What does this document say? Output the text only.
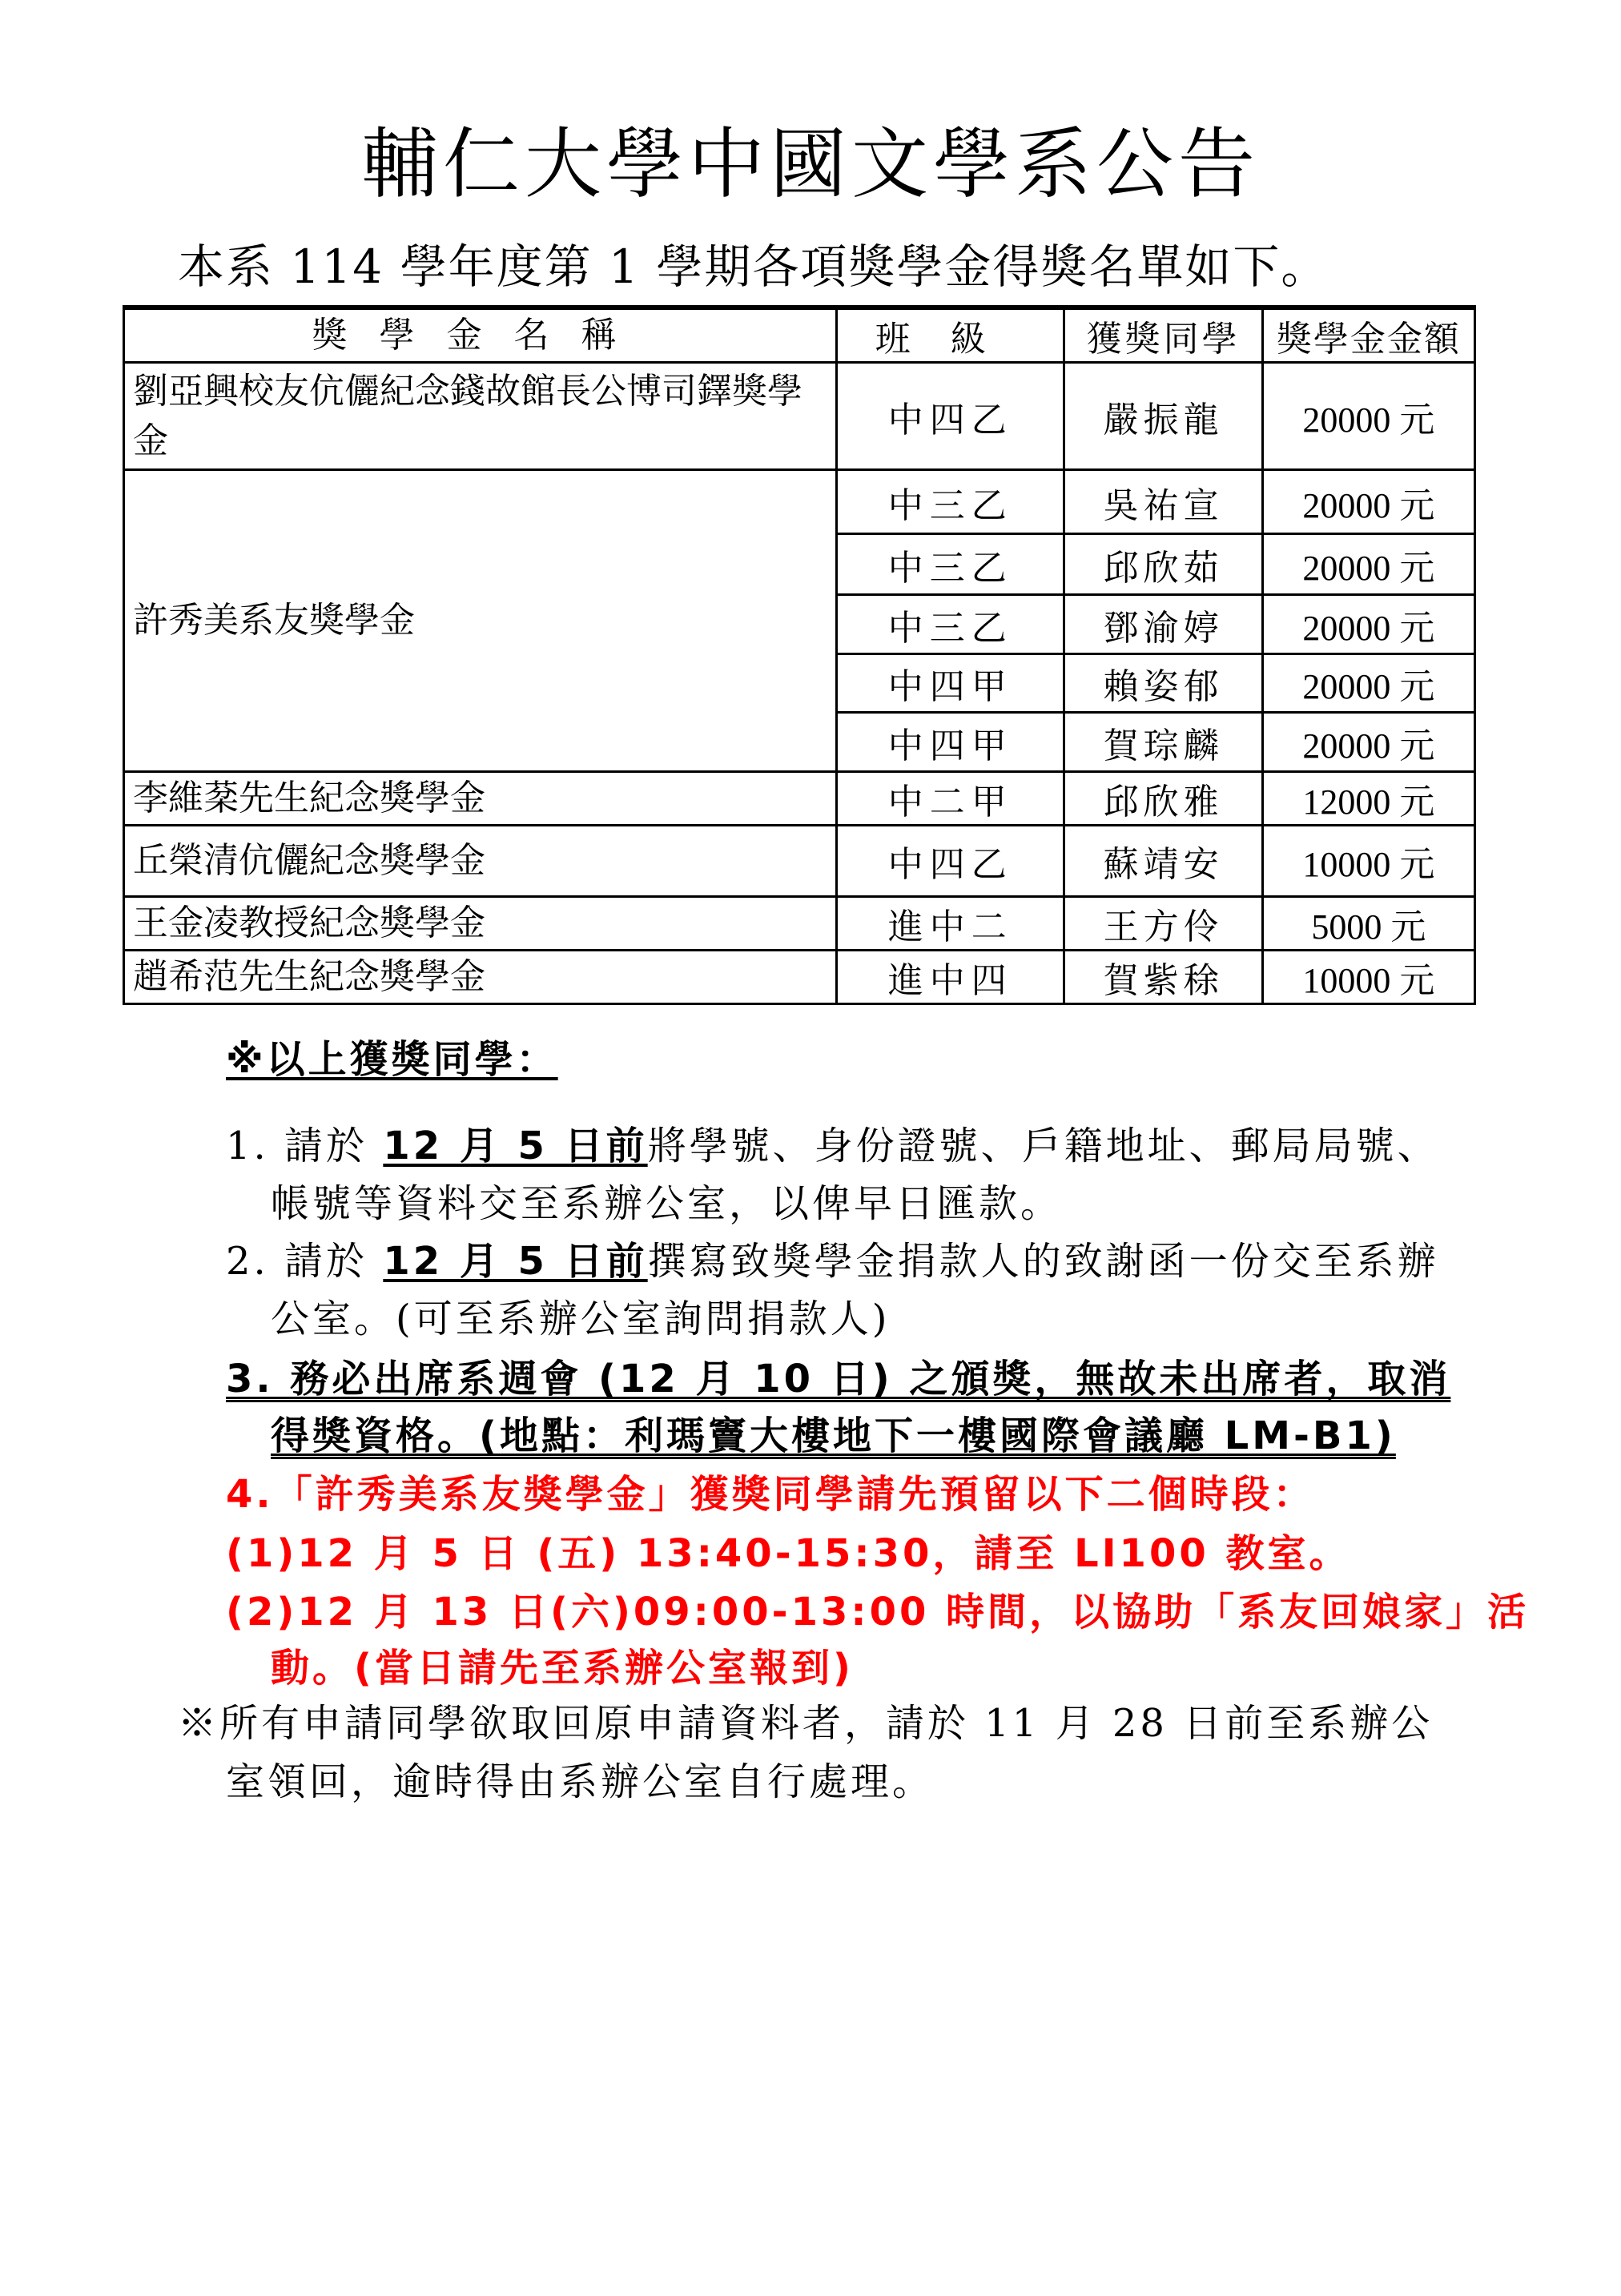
輔仁大學中國文學系公告
本系 114 學年度第 1 學期各項獎學金得獎名單如下。
獎學金名稱	班級	獲獎同學	獎學金金額
劉亞興校友伉儷紀念錢故館長公博司鐸獎學金	中四乙	嚴振龍	20000 元
許秀美系友獎學金	中三乙	吳祐宣	20000 元
	中三乙	邱欣茹	20000 元
	中三乙	鄧渝婷	20000 元
	中四甲	賴姿郁	20000 元
	中四甲	賀琮麟	20000 元
李維棻先生紀念獎學金	中二甲	邱欣雅	12000 元
丘榮清伉儷紀念獎學金	中四乙	蘇靖安	10000 元
王金凌教授紀念獎學金	進中二	王方伶	5000 元
趙希范先生紀念獎學金	進中四	賀紫稌	10000 元
※以上獲獎同學：
1. 請於 12 月 5 日前將學號、身份證號、戶籍地址、郵局局號、
帳號等資料交至系辦公室，以俾早日匯款。
2. 請於 12 月 5 日前撰寫致獎學金捐款人的致謝函一份交至系辦
公室。(可至系辦公室詢問捐款人)
3. 務必出席系週會 (12 月 10 日) 之頒獎，無故未出席者，取消
得獎資格。(地點：利瑪竇大樓地下一樓國際會議廳 LM-B1)
4.「許秀美系友獎學金」獲獎同學請先預留以下二個時段：
(1)12 月 5 日 (五) 13:40-15:30，請至 LI100 教室。
(2)12 月 13 日(六)09:00-13:00 時間，以協助「系友回娘家」活
動。(當日請先至系辦公室報到)
※所有申請同學欲取回原申請資料者，請於 11 月 28 日前至系辦公
室領回，逾時得由系辦公室自行處理。
